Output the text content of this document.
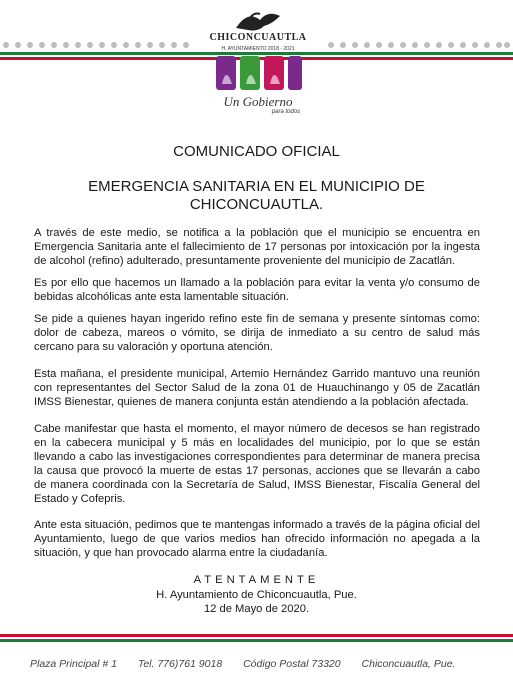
CHICONCUAUTLA
H. AYUNTAMIENTO 2018 - 2021
Un Gobierno
para todos
COMUNICADO OFICIAL
EMERGENCIA SANITARIA EN EL MUNICIPIO DE
CHICONCUAUTLA.

A través de este medio, se notifica a la población que el municipio se encuentra en Emergencia Sanitaria ante el fallecimiento de 17 personas por intoxicación por la ingesta de alcohol (refino) adulterado, presuntamente proveniente del municipio de Zacatlán.

Es por ello que hacemos un llamado a la población para evitar la venta y/o consumo de bebidas alcohólicas ante esta lamentable situación.

Se pide a quienes hayan ingerido refino este fin de semana y presente síntomas como: dolor de cabeza, mareos o vómito, se dirija de inmediato a su centro de salud más cercano para su valoración y oportuna atención.

Esta mañana, el presidente municipal, Artemio Hernández Garrido mantuvo una reunión con representantes del Sector Salud de la zona 01 de Huauchinango y 05 de Zacatlán IMSS Bienestar, quienes de manera conjunta están atendiendo a la población afectada.

Cabe manifestar que hasta el momento, el mayor número de decesos se han registrado en la cabecera municipal y 5 más en localidades del municipio, por lo que se están llevando a cabo las investigaciones correspondientes para determinar de manera precisa la causa que provocó la muerte de estas 17 personas, acciones que se llevarán a cabo de manera coordinada con la Secretaría de Salud, IMSS Bienestar, Fiscalía General del Estado y Cofepris.

Ante esta situación, pedimos que te mantengas informado a través de la página oficial del Ayuntamiento, luego de que varios medios han ofrecido información no apegada a la situación, y que han provocado alarma entre la ciudadanía.

ATENTAMENTE
H. Ayuntamiento de Chiconcuautla, Pue.
12 de Mayo de 2020.
Plaza Principal # 1 Tel. 776)761 9018 Código Postal 73320 Chiconcuautla, Pue.
